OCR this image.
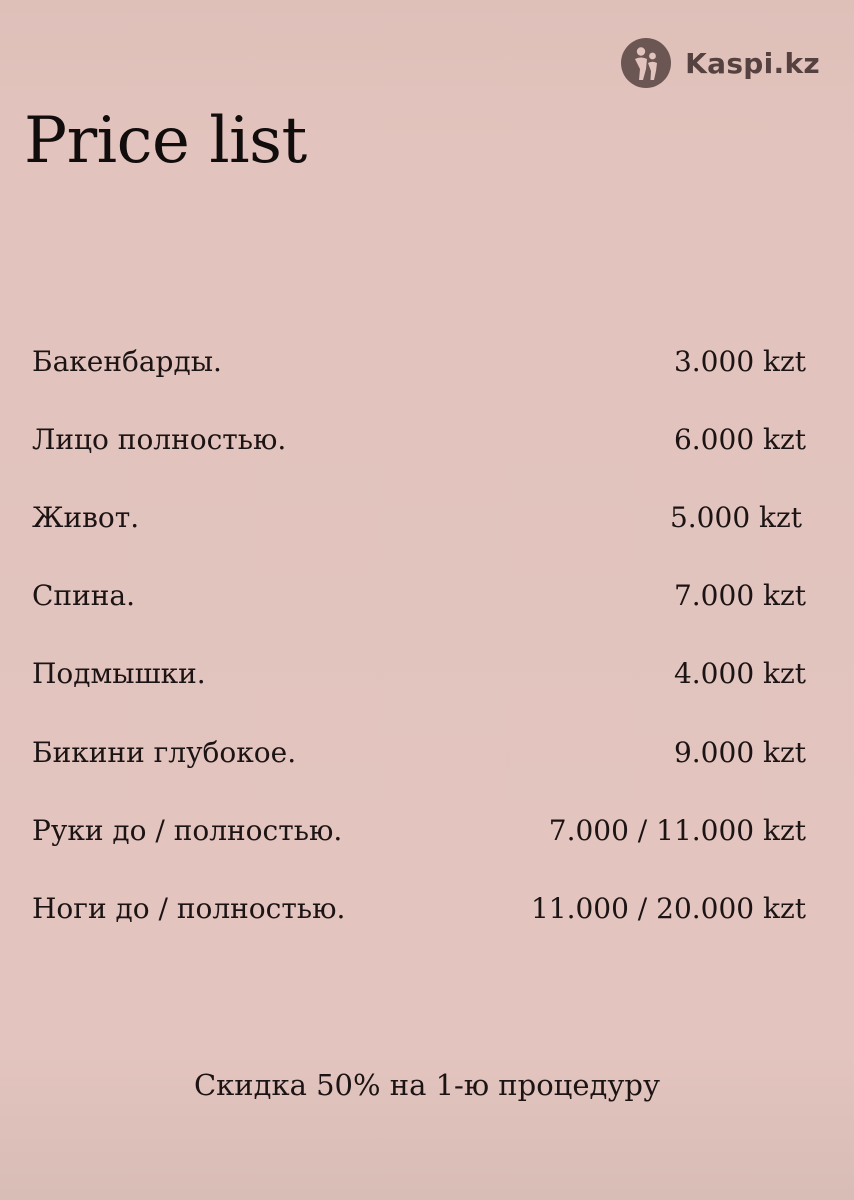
Kaspi.kz
Price list
Бакенбарды.	3.000 kzt
Лицо полностью.	6.000 kzt
Живот.	5.000 kzt
Спина.	7.000 kzt
Подмышки.	4.000 kzt
Бикини глубокое.	9.000 kzt
Руки до / полностью.	7.000 / 11.000 kzt
Ноги до / полностью.	11.000 / 20.000 kzt

Скидка 50% на 1-ю процедуру
